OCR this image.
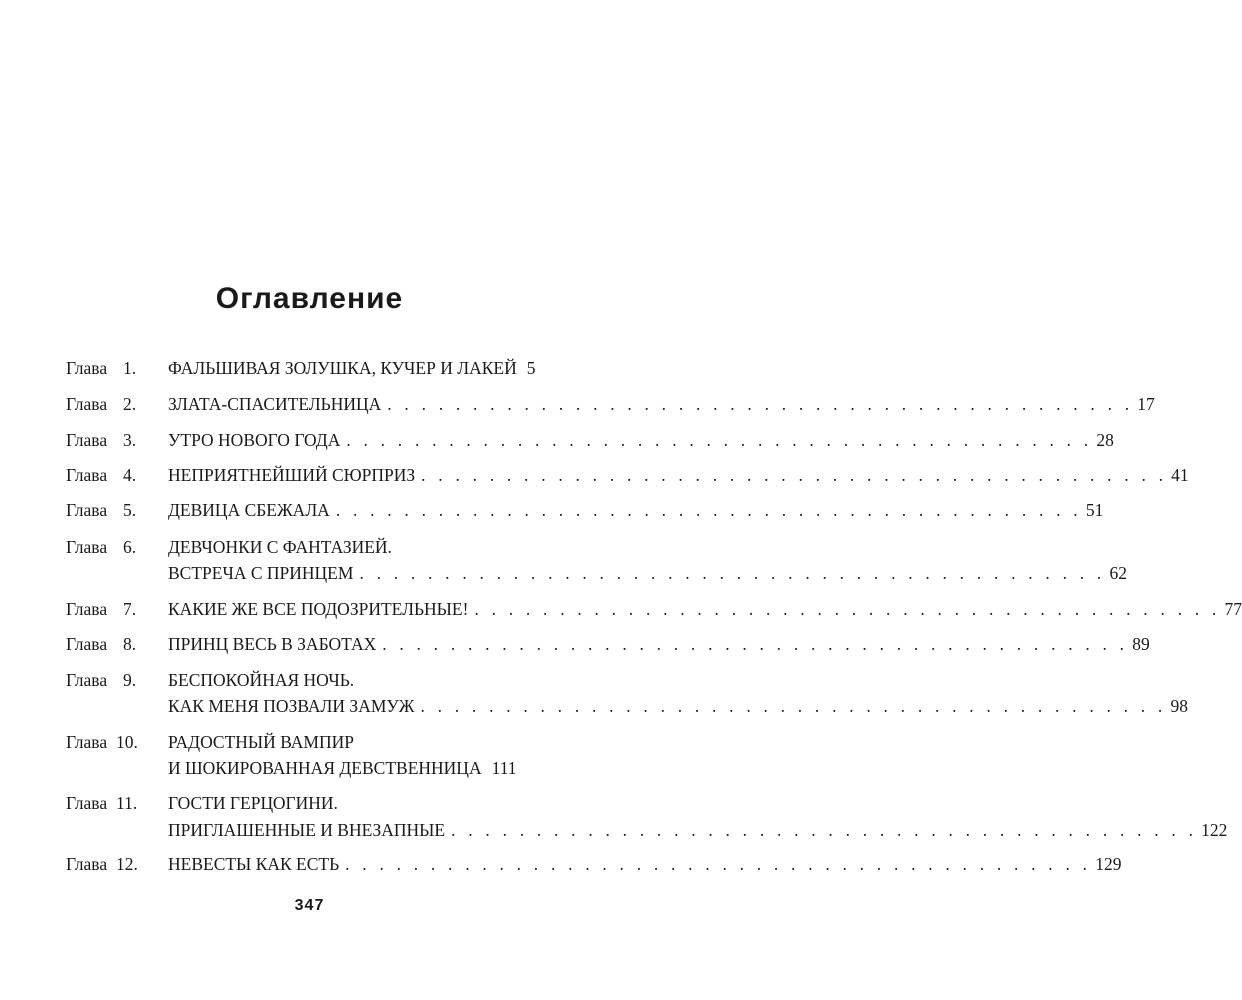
Оглавление
Глава 1.	ФАЛЬШИВАЯ ЗОЛУШКА, КУЧЕР И ЛАКЕЙ 5
Глава 2.	ЗЛАТА-СПАСИТЕЛЬНИЦА . . . . . . . . . . . . . . . . . . . . . . . . . . . . . . . . . . . . . . . . . . . . 17
Глава 3.	УТРО НОВОГО ГОДА . . . . . . . . . . . . . . . . . . . . . . . . . . . . . . . . . . . . . . . . . . . . 28
Глава 4.	НЕПРИЯТНЕЙШИЙ СЮРПРИЗ . . . . . . . . . . . . . . . . . . . . . . . . . . . . . . . . . . . . . . . . . . . . 41
Глава 5.	ДЕВИЦА СБЕЖАЛА . . . . . . . . . . . . . . . . . . . . . . . . . . . . . . . . . . . . . . . . . . . . 51
Глава 6.	ДЕВЧОНКИ С ФАНТАЗИЕЙ.
ВСТРЕЧА С ПРИНЦЕМ . . . . . . . . . . . . . . . . . . . . . . . . . . . . . . . . . . . . . . . . . . . . 62
Глава 7.	КАКИЕ ЖЕ ВСЕ ПОДОЗРИТЕЛЬНЫЕ! . . . . . . . . . . . . . . . . . . . . . . . . . . . . . . . . . . . . . . . . . . . . 77
Глава 8.	ПРИНЦ ВЕСЬ В ЗАБОТАХ . . . . . . . . . . . . . . . . . . . . . . . . . . . . . . . . . . . . . . . . . . . . 89
Глава 9.	БЕСПОКОЙНАЯ НОЧЬ.
КАК МЕНЯ ПОЗВАЛИ ЗАМУЖ . . . . . . . . . . . . . . . . . . . . . . . . . . . . . . . . . . . . . . . . . . . . 98
Глава 10.	РАДОСТНЫЙ ВАМПИР
И ШОКИРОВАННАЯ ДЕВСТВЕННИЦА 111
Глава 11.	ГОСТИ ГЕРЦОГИНИ.
ПРИГЛАШЕННЫЕ И ВНЕЗАПНЫЕ . . . . . . . . . . . . . . . . . . . . . . . . . . . . . . . . . . . . . . . . . . . . 122
Глава 12.	НЕВЕСТЫ КАК ЕСТЬ . . . . . . . . . . . . . . . . . . . . . . . . . . . . . . . . . . . . . . . . . . . . 129
347
